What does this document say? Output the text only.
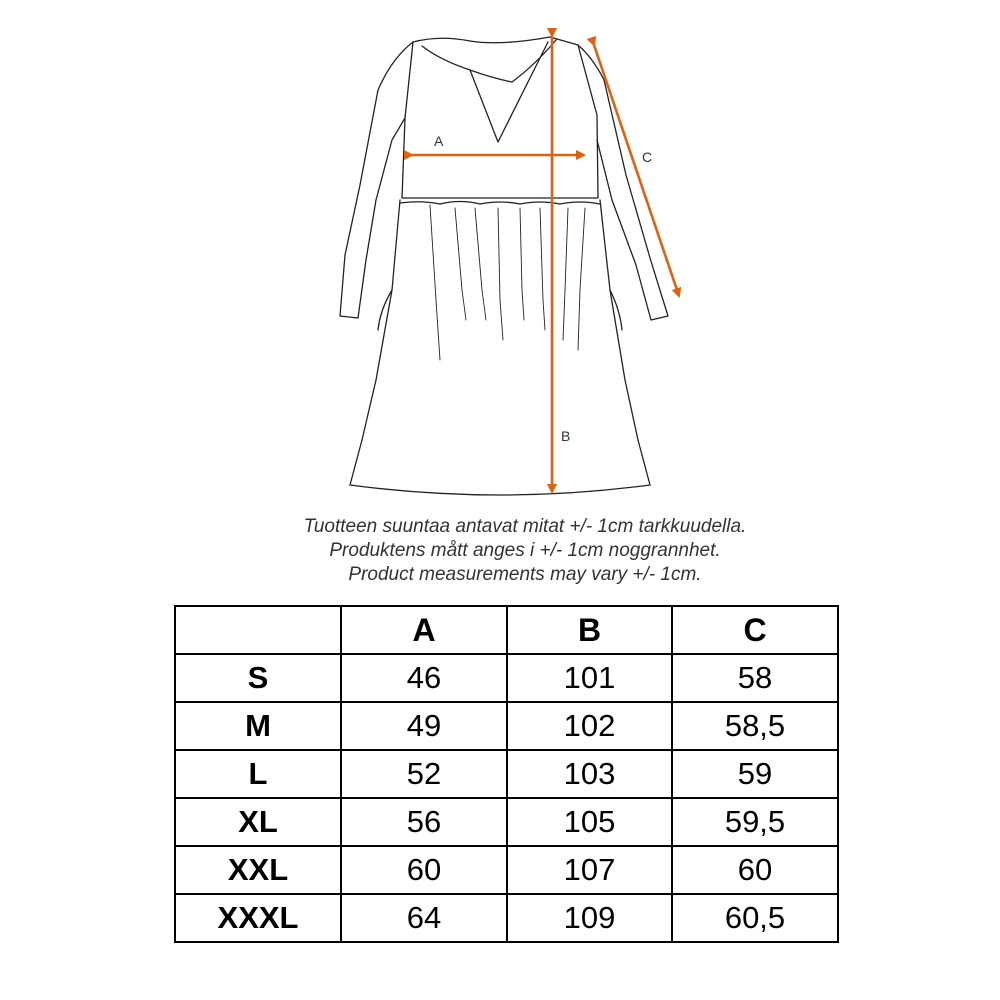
A
B
C
Tuotteen suuntaa antavat mitat +/- 1cm tarkkuudella.
Produktens mått anges i +/- 1cm noggrannhet.
Product measurements may vary +/- 1cm.
	A	B	C
S	46	101	58
M	49	102	58,5
L	52	103	59
XL	56	105	59,5
XXL	60	107	60
XXXL	64	109	60,5
